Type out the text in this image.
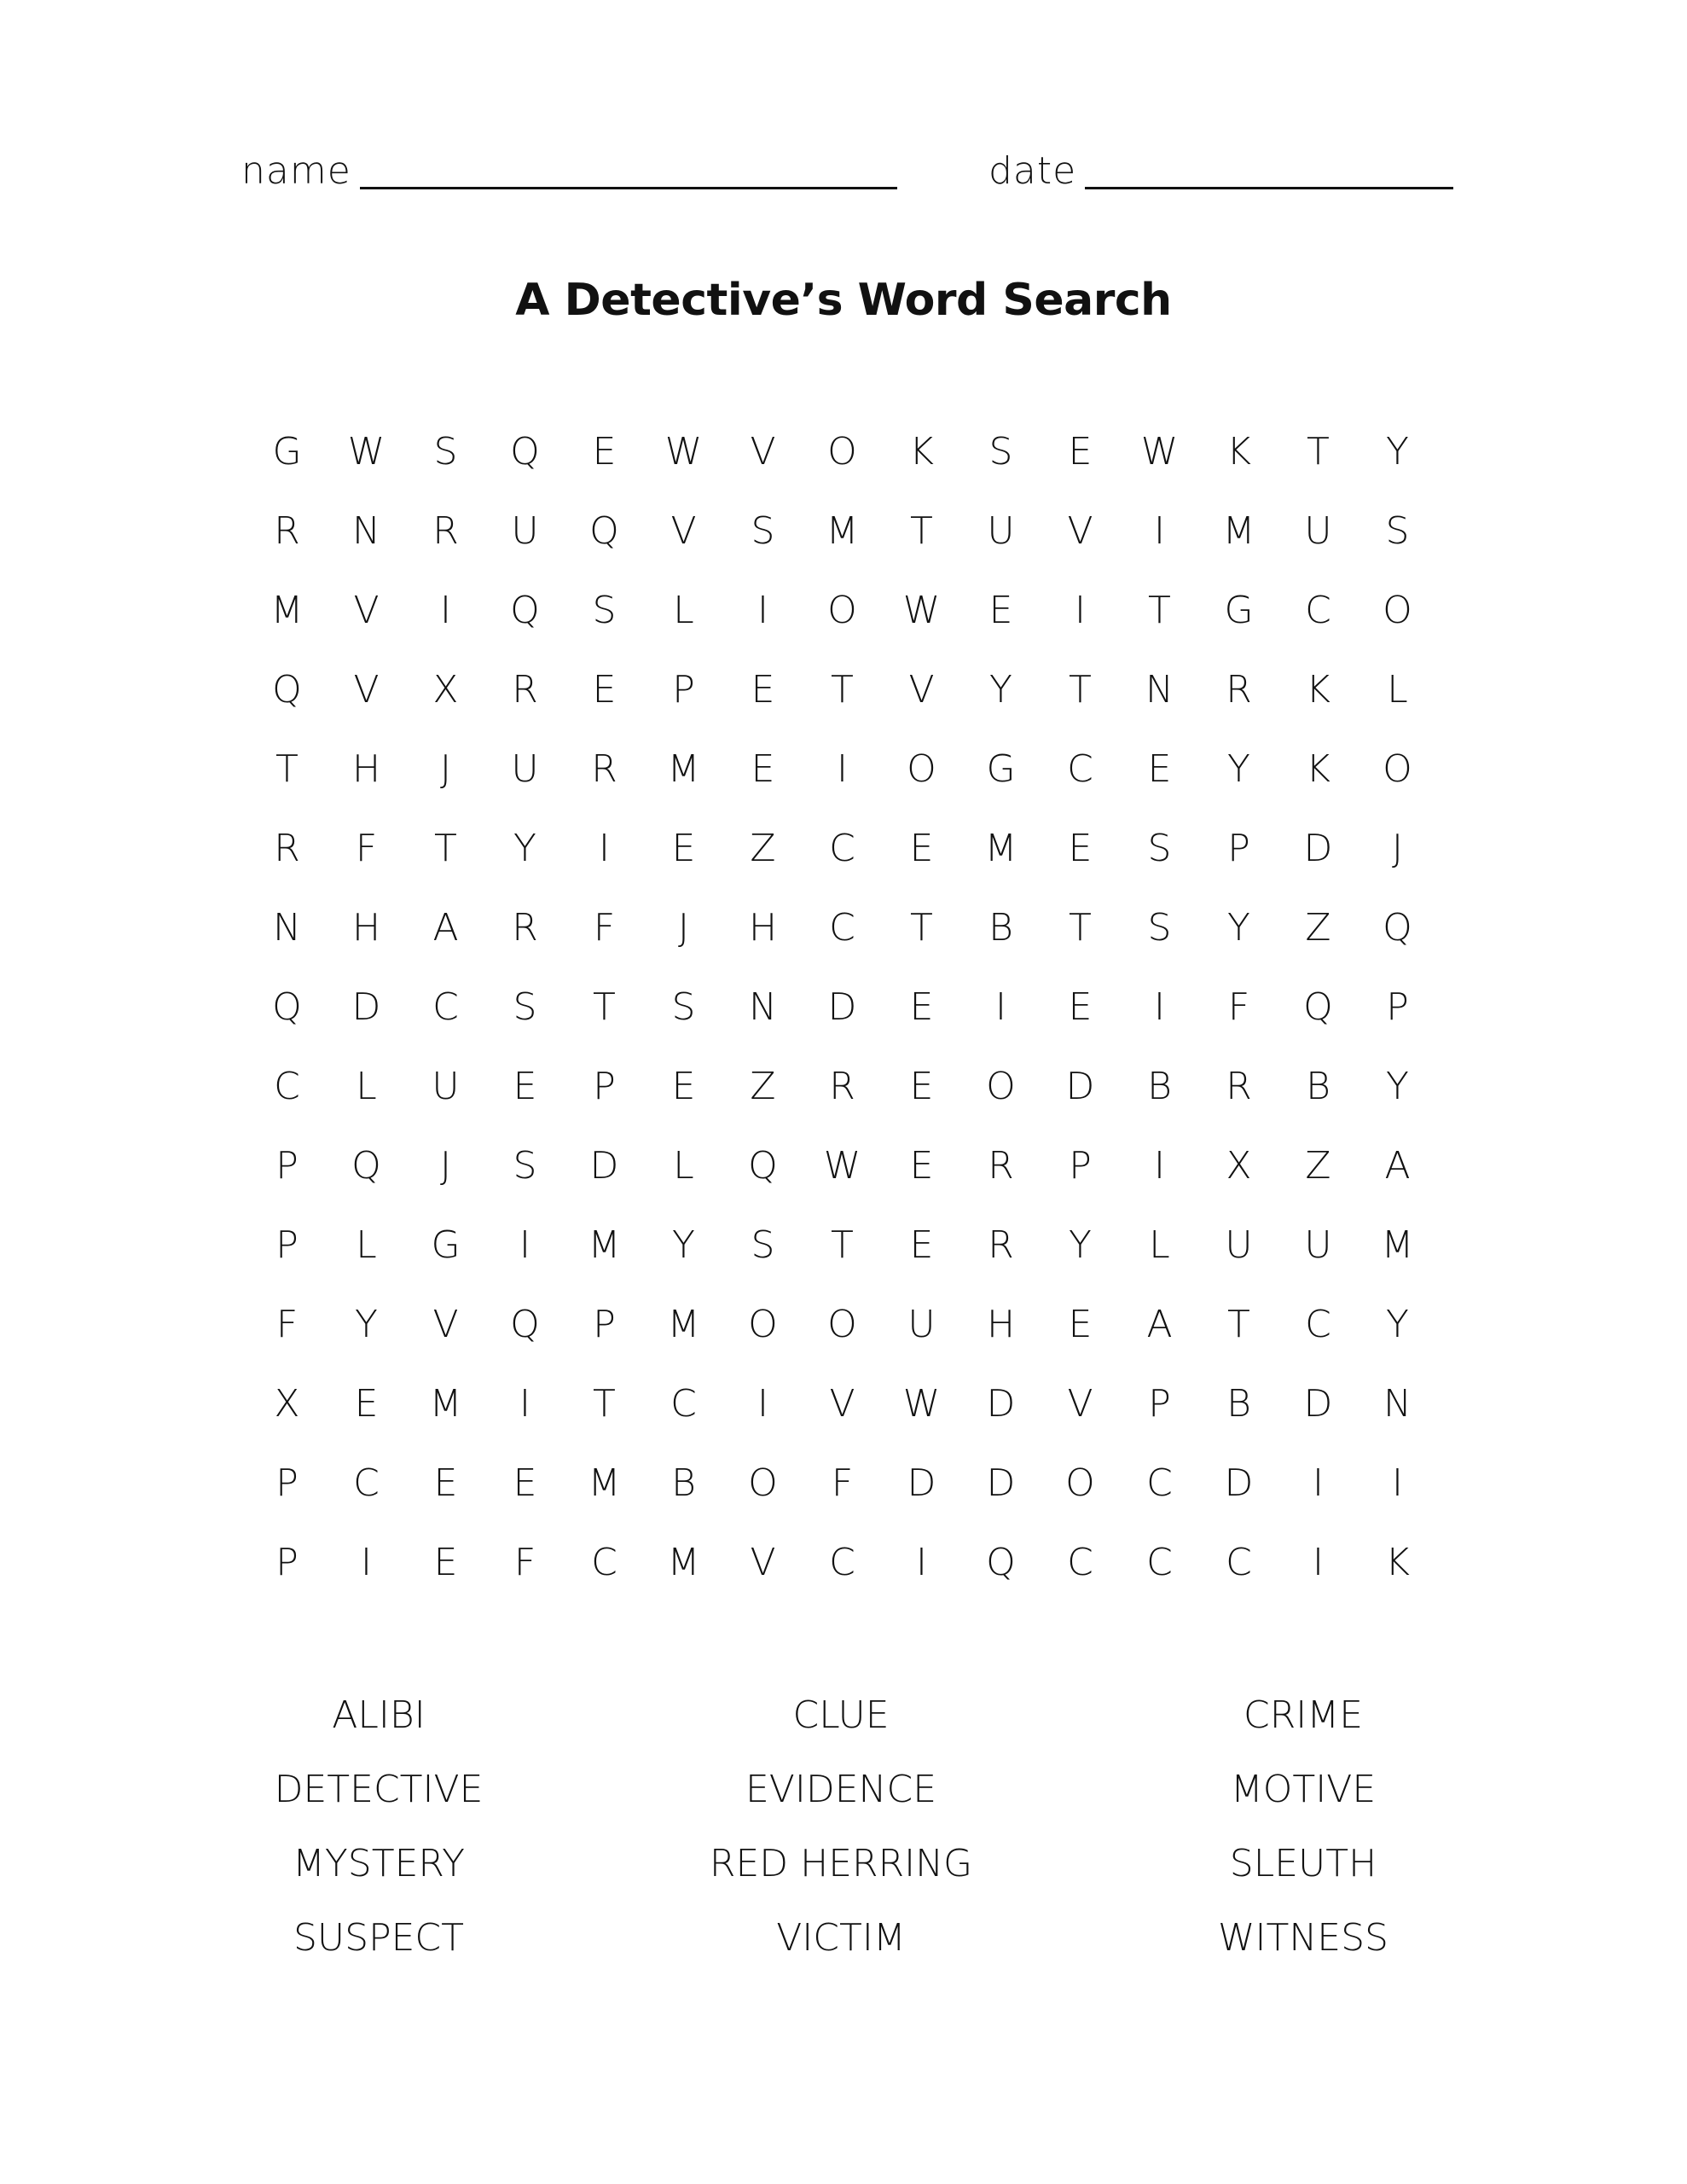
name	date
A Detective’s Word Search
G	W	S	Q	E	W	V	O	K	S	E	W	K	T	Y
R	N	R	U	Q	V	S	M	T	U	V	I	M	U	S
M	V	I	Q	S	L	I	O	W	E	I	T	G	C	O
Q	V	X	R	E	P	E	T	V	Y	T	N	R	K	L
T	H	J	U	R	M	E	I	O	G	C	E	Y	K	O
R	F	T	Y	I	E	Z	C	E	M	E	S	P	D	J
N	H	A	R	F	J	H	C	T	B	T	S	Y	Z	Q
Q	D	C	S	T	S	N	D	E	I	E	I	F	Q	P
C	L	U	E	P	E	Z	R	E	O	D	B	R	B	Y
P	Q	J	S	D	L	Q	W	E	R	P	I	X	Z	A
P	L	G	I	M	Y	S	T	E	R	Y	L	U	U	M
F	Y	V	Q	P	M	O	O	U	H	E	A	T	C	Y
X	E	M	I	T	C	I	V	W	D	V	P	B	D	N
P	C	E	E	M	B	O	F	D	D	O	C	D	I	I
P	I	E	F	C	M	V	C	I	Q	C	C	C	I	K
ALIBI	CLUE	CRIME
DETECTIVE	EVIDENCE	MOTIVE
MYSTERY	RED HERRING	SLEUTH
SUSPECT	VICTIM	WITNESS
